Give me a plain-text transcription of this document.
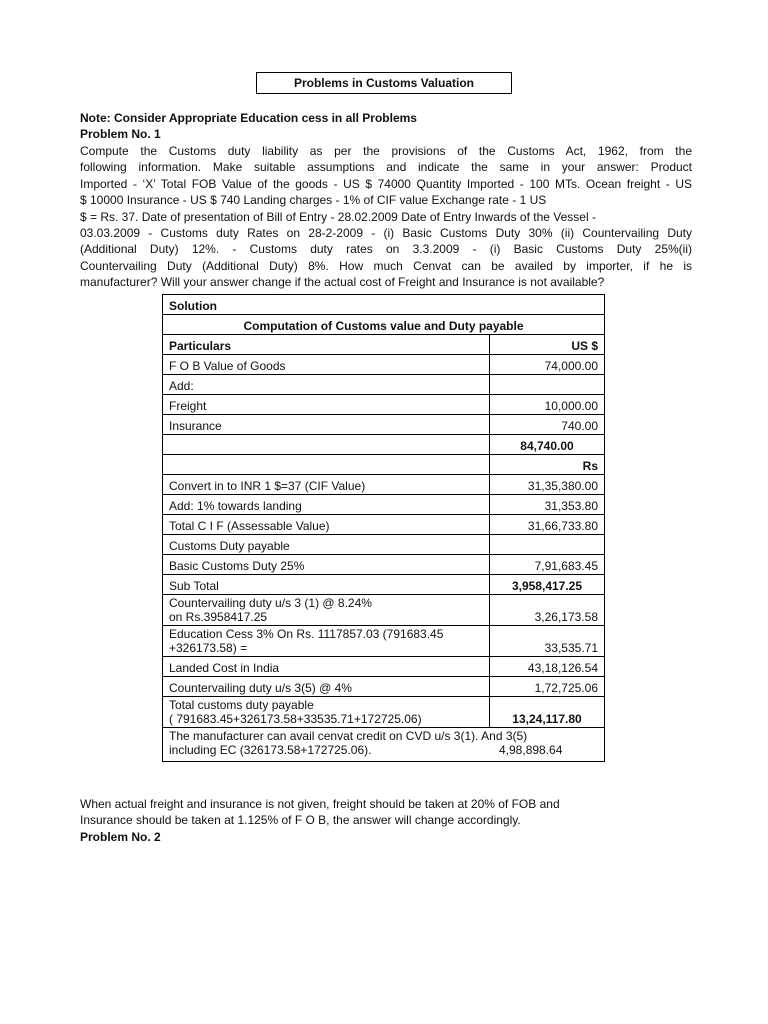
Problems in Customs Valuation
Note: Consider Appropriate Education cess in all Problems
Problem No. 1

Compute the Customs duty liability as per the provisions of the Customs Act, 1962, from the

following information. Make suitable assumptions and indicate the same in your answer: Product

Imported - ‘X’ Total FOB Value of the goods - US $ 74000 Quantity Imported - 100 MTs. Ocean freight - US

$ 10000 Insurance - US $ 740 Landing charges - 1% of CIF value Exchange rate - 1 US

$ = Rs. 37. Date of presentation of Bill of Entry - 28.02.2009 Date of Entry Inwards of the Vessel -

03.03.2009 - Customs duty Rates on 28-2-2009 - (i) Basic Customs Duty 30% (ii) Countervailing Duty

(Additional Duty) 12%. - Customs duty rates on 3.3.2009 - (i) Basic Customs Duty 25%(ii)

Countervailing Duty (Additional Duty) 8%. How much Cenvat can be availed by importer, if he is

manufacturer? Will your answer change if the actual cost of Freight and Insurance is not available?

Solution	
Computation of Customs value and Duty payable	
Particulars	US $
F O B Value of Goods	74,000.00
Add:	
Freight	10,000.00
Insurance	740.00
	84,740.00
	Rs
Convert in to INR 1 $=37 (CIF Value)	31,35,380.00
Add: 1% towards landing	31,353.80
Total C I F (Assessable Value)	31,66,733.80
Customs Duty payable	
Basic Customs Duty 25%	7,91,683.45
Sub Total	3,958,417.25

Countervailing duty u/s 3 (1) @ 8.24%
on Rs.3958417.25	3,26,173.58

Education Cess 3% On Rs. 1117857.03 (791683.45
+326173.58) =	33,535.71
Landed Cost in India	43,18,126.54
Countervailing duty u/s 3(5) @ 4%	1,72,725.06

Total customs duty payable
( 791683.45+326173.58+33535.71+172725.06)	13,24,117.80

The manufacturer can avail cenvat credit on CVD u/s 3(1). And 3(5)
including EC (326173.58+172725.06). 4,98,898.64	

When actual freight and insurance is not given, freight should be taken at 20% of FOB and

Insurance should be taken at 1.125% of F O B, the answer will change accordingly.

Problem No. 2
